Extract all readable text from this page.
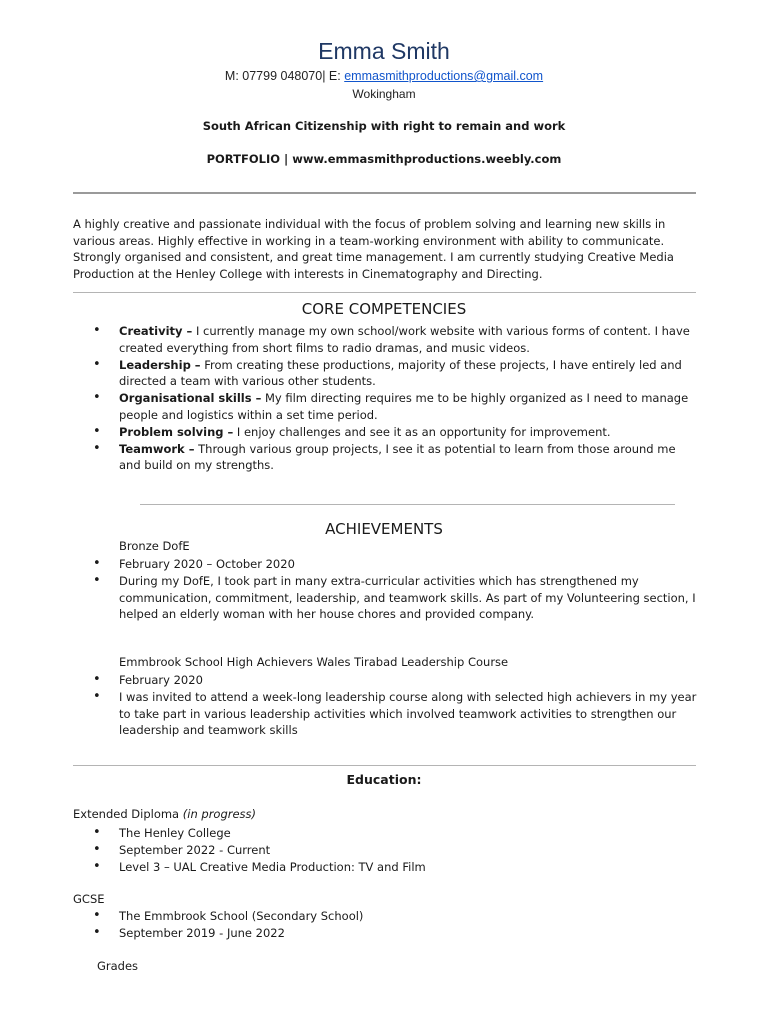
Emma Smith
M: 07799 048070| E: emmasmithproductions@gmail.com
Wokingham
South African Citizenship with right to remain and work
PORTFOLIO | www.emmasmithproductions.weebly.com
A highly creative and passionate individual with the focus of problem solving and learning new skills in various areas. Highly effective in working in a team-working environment with ability to communicate. Strongly organised and consistent, and great time management. I am currently studying Creative Media Production at the Henley College with interests in Cinematography and Directing.
CORE COMPETENCIES
• Creativity – I currently manage my own school/work website with various forms of content. I have created everything from short films to radio dramas, and music videos.
• Leadership – From creating these productions, majority of these projects, I have entirely led and directed a team with various other students.
• Organisational skills – My film directing requires me to be highly organized as I need to manage people and logistics within a set time period.
• Problem solving – I enjoy challenges and see it as an opportunity for improvement.
• Teamwork – Through various group projects, I see it as potential to learn from those around me and build on my strengths.
ACHIEVEMENTS
Bronze DofE
• February 2020 – October 2020
• During my DofE, I took part in many extra-curricular activities which has strengthened my communication, commitment, leadership, and teamwork skills. As part of my Volunteering section, I helped an elderly woman with her house chores and provided company.
Emmbrook School High Achievers Wales Tirabad Leadership Course
• February 2020
• I was invited to attend a week-long leadership course along with selected high achievers in my year to take part in various leadership activities which involved teamwork activities to strengthen our leadership and teamwork skills
Education:
Extended Diploma (in progress)
• The Henley College
• September 2022 - Current
• Level 3 – UAL Creative Media Production: TV and Film
GCSE
• The Emmbrook School (Secondary School)
• September 2019 - June 2022
Grades
